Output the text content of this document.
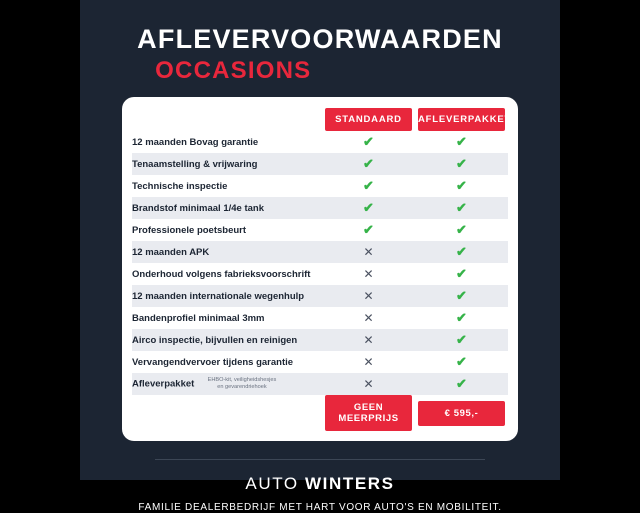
AFLEVERVOORWAARDEN
OCCASIONS

	STANDAARD	AFLEVERPAKKET

12 maanden Bovag garantie	✔	✔
Tenaamstelling & vrijwaring	✔	✔
Technische inspectie	✔	✔
Brandstof minimaal 1/4e tank	✔	✔
Professionele poetsbeurt	✔	✔
12 maanden APK	✕	✔
Onderhoud volgens fabrieksvoorschrift	✕	✔
12 maanden internationale wegenhulp	✕	✔
Bandenprofiel minimaal 3mm	✕	✔
Airco inspectie, bijvullen en reinigen	✕	✔
Vervangendvervoer tijdens garantie	✕	✔
Afleverpakket EHBO-kit, veiligheidshesjes en gevarendriehoek	✕	✔

	GEEN MEERPRIJS	€ 595,-
AUTO WINTERS
FAMILIE DEALERBEDRIJF MET HART VOOR AUTO'S EN MOBILITEIT.
